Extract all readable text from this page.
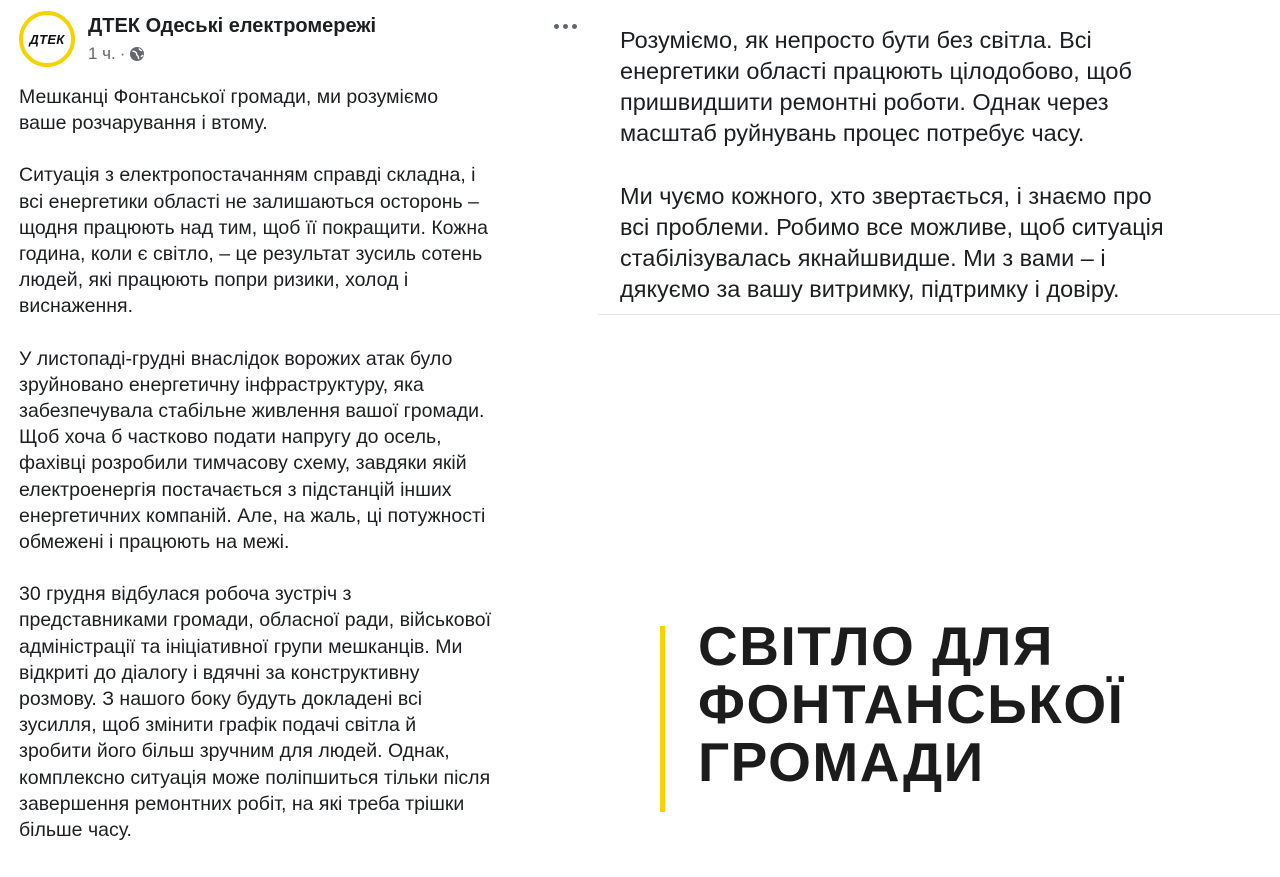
ДТЕК
ДТЕК Одеські електромережі
1 ч. ·

Мешканці Фонтанської громади, ми розуміємо
ваше розчарування і втому.

Ситуація з електропостачанням справді складна, і
всі енергетики області не залишаються осторонь –
щодня працюють над тим, щоб її покращити. Кожна
година, коли є світло, – це результат зусиль сотень
людей, які працюють попри ризики, холод і
виснаження.

У листопаді-грудні внаслідок ворожих атак було
зруйновано енергетичну інфраструктуру, яка
забезпечувала стабільне живлення вашої громади.
Щоб хоча б частково подати напругу до осель,
фахівці розробили тимчасову схему, завдяки якій
електроенергія постачається з підстанцій інших
енергетичних компаній. Але, на жаль, ці потужності
обмежені і працюють на межі.

30 грудня відбулася робоча зустріч з
представниками громади, обласної ради, військової
адміністрації та ініціативної групи мешканців. Ми
відкриті до діалогу і вдячні за конструктивну
розмову. З нашого боку будуть докладені всі
зусилля, щоб змінити графік подачі світла й
зробити його більш зручним для людей. Однак,
комплексно ситуація може поліпшиться тільки після
завершення ремонтних робіт, на які треба трішки
більше часу.

Розуміємо, як непросто бути без світла. Всі
енергетики області працюють цілодобово, щоб
пришвидшити ремонтні роботи. Однак через
масштаб руйнувань процес потребує часу.

Ми чуємо кожного, хто звертається, і знаємо про
всі проблеми. Робимо все можливе, щоб ситуація
стабілізувалась якнайшвидше. Ми з вами – і
дякуємо за вашу витримку, підтримку і довіру.

СВІТЛО ДЛЯ
ФОНТАНСЬКОЇ
ГРОМАДИ
